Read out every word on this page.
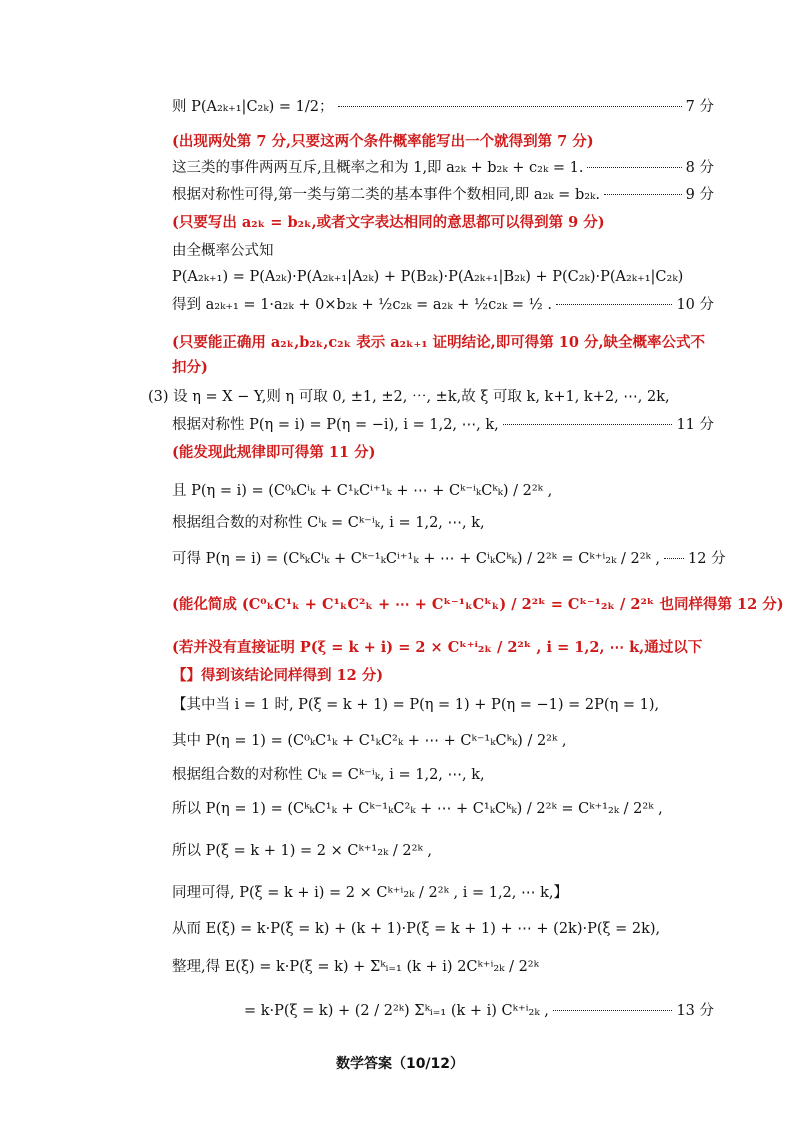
则 P(A₂ₖ₊₁|C₂ₖ) = 1/2；	7 分
(出现两处第 7 分,只要这两个条件概率能写出一个就得到第 7 分)
这三类的事件两两互斥,且概率之和为 1,即 a₂ₖ + b₂ₖ + c₂ₖ = 1.	8 分
根据对称性可得,第一类与第二类的基本事件个数相同,即 a₂ₖ = b₂ₖ.	9 分
(只要写出 a₂ₖ = b₂ₖ,或者文字表达相同的意思都可以得到第 9 分)
由全概率公式知
P(A₂ₖ₊₁) = P(A₂ₖ)·P(A₂ₖ₊₁|A₂ₖ) + P(B₂ₖ)·P(A₂ₖ₊₁|B₂ₖ) + P(C₂ₖ)·P(A₂ₖ₊₁|C₂ₖ)
得到 a₂ₖ₊₁ = 1·a₂ₖ + 0×b₂ₖ + ½c₂ₖ = a₂ₖ + ½c₂ₖ = ½ .	10 分
(只要能正确用 a₂ₖ,b₂ₖ,c₂ₖ 表示 a₂ₖ₊₁ 证明结论,即可得第 10 分,缺全概率公式不扣分)
(3) 设 η = X − Y,则 η 可取 0, ±1, ±2, ⋯, ±k,故 ξ 可取 k, k+1, k+2, ⋯, 2k,
根据对称性 P(η = i) = P(η = −i), i = 1,2, ⋯, k,	11 分
(能发现此规律即可得第 11 分)
且 P(η = i) = (C⁰ₖCⁱₖ + C¹ₖCⁱ⁺¹ₖ + ⋯ + Cᵏ⁻ⁱₖCᵏₖ) / 2²ᵏ ,
根据组合数的对称性 Cⁱₖ = Cᵏ⁻ⁱₖ, i = 1,2, ⋯, k,
可得 P(η = i) = (CᵏₖCⁱₖ + Cᵏ⁻¹ₖCⁱ⁺¹ₖ + ⋯ + CⁱₖCᵏₖ) / 2²ᵏ = Cᵏ⁺ⁱ₂ₖ / 2²ᵏ , 12 分
(能化简成 (C⁰ₖC¹ₖ + C¹ₖC²ₖ + ⋯ + Cᵏ⁻¹ₖCᵏₖ) / 2²ᵏ = Cᵏ⁻¹₂ₖ / 2²ᵏ 也同样得第 12 分)
(若并没有直接证明 P(ξ = k + i) = 2 × Cᵏ⁺ⁱ₂ₖ / 2²ᵏ , i = 1,2, ⋯ k,通过以下【】得到该结论同样得到 12 分)
【其中当 i = 1 时, P(ξ = k + 1) = P(η = 1) + P(η = −1) = 2P(η = 1),
其中 P(η = 1) = (C⁰ₖC¹ₖ + C¹ₖC²ₖ + ⋯ + Cᵏ⁻¹ₖCᵏₖ) / 2²ᵏ ,
根据组合数的对称性 Cⁱₖ = Cᵏ⁻ⁱₖ, i = 1,2, ⋯, k,
所以 P(η = 1) = (CᵏₖC¹ₖ + Cᵏ⁻¹ₖC²ₖ + ⋯ + C¹ₖCᵏₖ) / 2²ᵏ = Cᵏ⁺¹₂ₖ / 2²ᵏ ,
所以 P(ξ = k + 1) = 2 × Cᵏ⁺¹₂ₖ / 2²ᵏ ,
同理可得, P(ξ = k + i) = 2 × Cᵏ⁺ⁱ₂ₖ / 2²ᵏ , i = 1,2, ⋯ k,】
从而 E(ξ) = k·P(ξ = k) + (k + 1)·P(ξ = k + 1) + ⋯ + (2k)·P(ξ = 2k),
整理,得 E(ξ) = k·P(ξ = k) + Σᵏᵢ₌₁ (k + i) 2Cᵏ⁺ⁱ₂ₖ / 2²ᵏ
= k·P(ξ = k) + (2 / 2²ᵏ) Σᵏᵢ₌₁ (k + i) Cᵏ⁺ⁱ₂ₖ ,	13 分
数学答案（10/12）
